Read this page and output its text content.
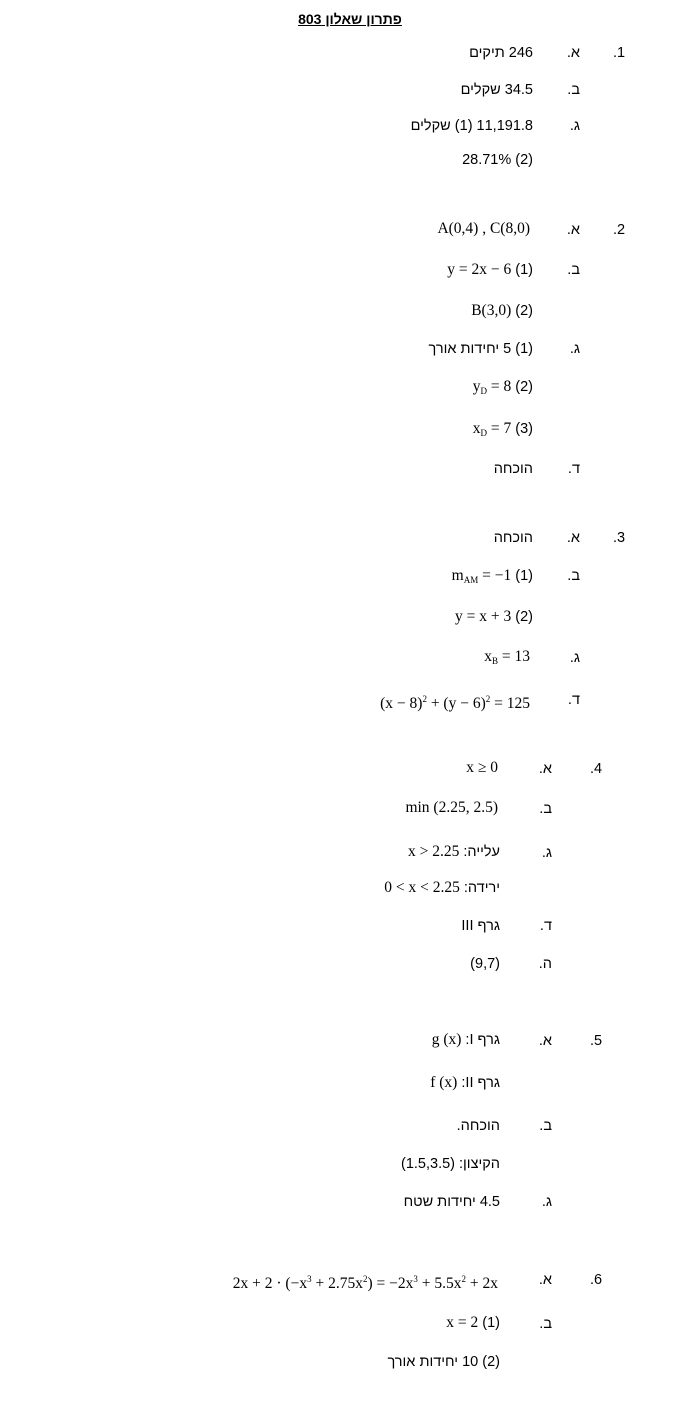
פתרון שאלון 803
.1
.א
246 תיקים
.ב
34.5 שקלים
.ג
(1) 11,191.8 שקלים
28.71% (2)
.2
.א
A(0,4) , C(8,0)
.ב
y = 2x − 6 (1)
B(3,0) (2)
.ג
(1) 5 יחידות אורך
$y_D = 8$ (2)
$x_D = 7$ (3)
.ד
הוכחה
.3
.א
הוכחה
.ב
$m_{AM} = -1$ (1)
y = x + 3 (2)
.ג
$x_B = 13$
.ד
$(x - 8)^2 + (y - 6)^2 = 125$
.4
.א
x ≥ 0
.ב
min (2.25, 2.5)
.ג
עלייה: x > 2.25
ירידה: 0 < x < 2.25
.ד
גרף III
.ה
(9,7)
.5
.א
גרף I: g (x)
גרף II: f (x)
.ב
הוכחה.
הקיצון: (1.5,3.5)
.ג
4.5 יחידות שטח
.6
.א
$2x + 2 \cdot (-x^3 + 2.75x^2) = -2x^3 + 5.5x^2 + 2x$
.ב
x = 2 (1)
(2) 10 יחידות אורך
